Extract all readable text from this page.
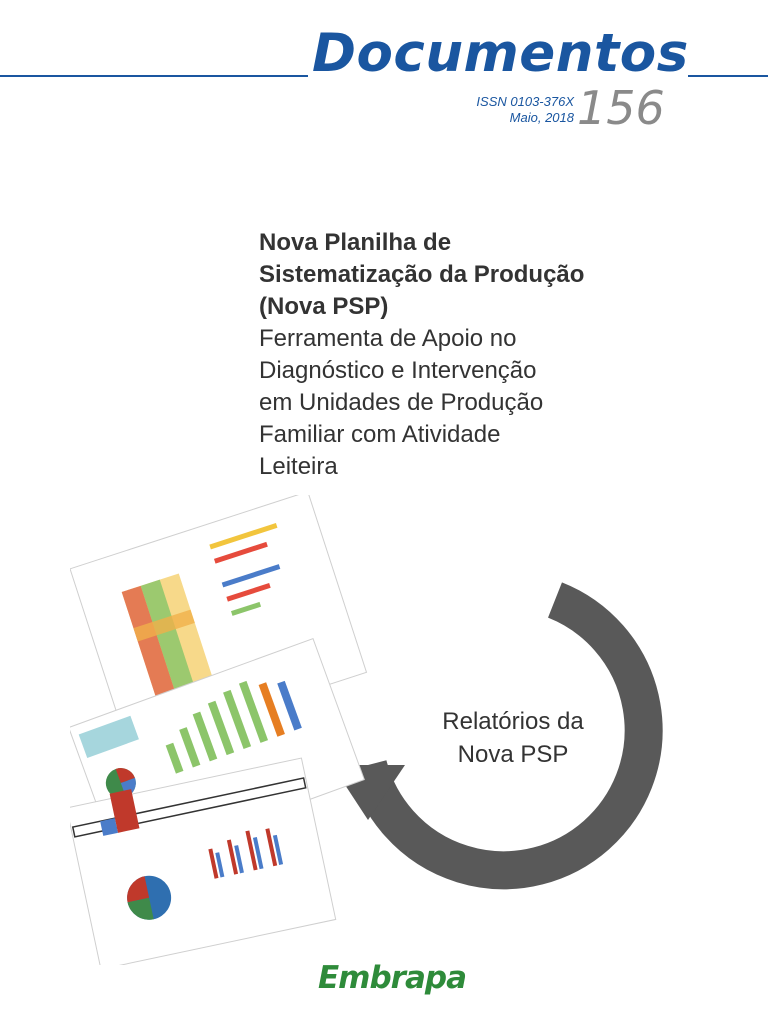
Documentos
ISSN 0103-376X
Maio, 2018 156
Nova Planilha de
Sistematização da Produção
(Nova PSP)
Ferramenta de Apoio no
Diagnóstico e Intervenção
em Unidades de Produção
Familiar com Atividade
Leiteira
Relatórios da
Nova PSP
Embrapa
